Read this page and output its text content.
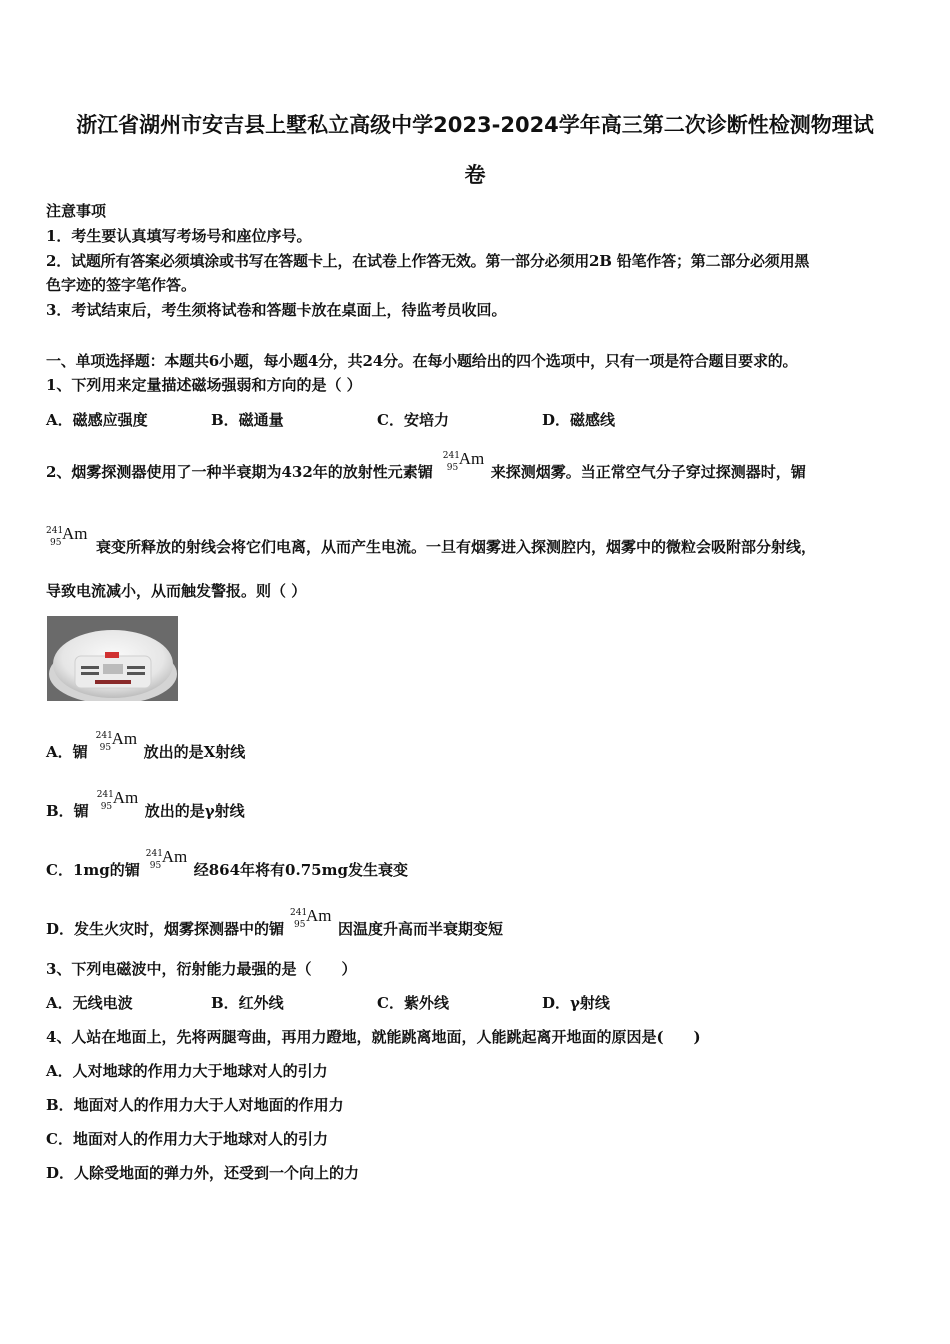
浙江省湖州市安吉县上墅私立高级中学2023-2024学年高三第二次诊断性检测物理试
卷
注意事项
1．考生要认真填写考场号和座位序号。
2．试题所有答案必须填涂或书写在答题卡上，在试卷上作答无效。第一部分必须用2B 铅笔作答；第二部分必须用黑
色字迹的签字笔作答。
3．考试结束后，考生须将试卷和答题卡放在桌面上，待监考员收回。
一、单项选择题：本题共6小题，每小题4分，共24分。在每小题给出的四个选项中，只有一项是符合题目要求的。
1、下列用来定量描述磁场强弱和方向的是（ ）
A．磁感应强度	B．磁通量	C．安培力	D．磁感线
2、烟雾探测器使用了一种半衰期为432年的放射性元素镅
241
95 Am
来探测烟雾。当正常空气分子穿过探测器时，镅
241
95 Am
衰变所释放的射线会将它们电离，从而产生电流。一旦有烟雾进入探测腔内，烟雾中的微粒会吸附部分射线，
导致电流减小，从而触发警报。则（ ）
A．镅
241
95 Am
放出的是X射线
B．镅
241
95 Am
放出的是γ射线
C．1mg的镅
241
95 Am
经864年将有0.75mg发生衰变
D．发生火灾时，烟雾探测器中的镅
241
95 Am
因温度升高而半衰期变短
3、下列电磁波中，衍射能力最强的是（　　）
A．无线电波	B．红外线	C．紫外线	D．γ射线
4、人站在地面上，先将两腿弯曲，再用力蹬地，就能跳离地面，人能跳起离开地面的原因是(　　)
A．人对地球的作用力大于地球对人的引力
B．地面对人的作用力大于人对地面的作用力
C．地面对人的作用力大于地球对人的引力
D．人除受地面的弹力外，还受到一个向上的力
